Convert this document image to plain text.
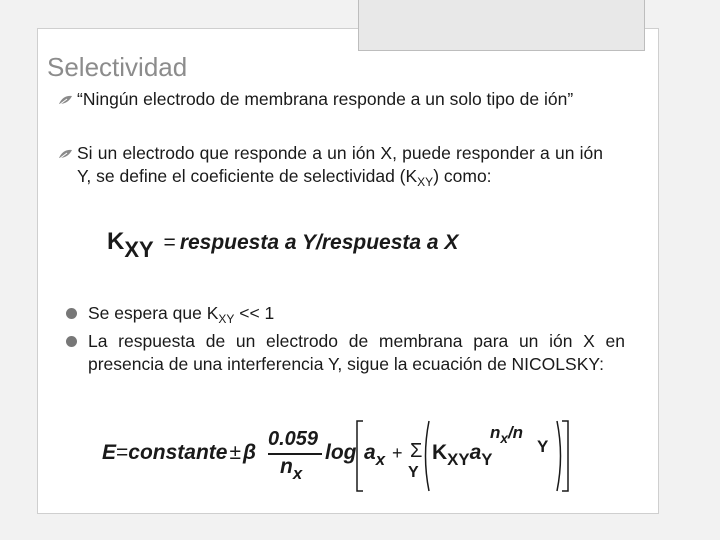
Selectividad
“Ningún electrodo de membrana responde a un solo tipo de ión”
Si un electrodo que responde a un ión X, puede responder a un ión Y, se define el coeficiente de selectividad $(K_{XY})$ como:
KXY = respuesta a Y/respuesta a X
Se espera que $K_{XY} << 1$
La respuesta de un electrodo de membrana para un ión X en presencia de una interferencia Y, sigue la ecuación de NICOLSKY:
E=constante±β
0.059
$n_x$
$\log a_x + \Sigma$
Y
$K_{XY}a_Y$
$n_x/n$
Y
